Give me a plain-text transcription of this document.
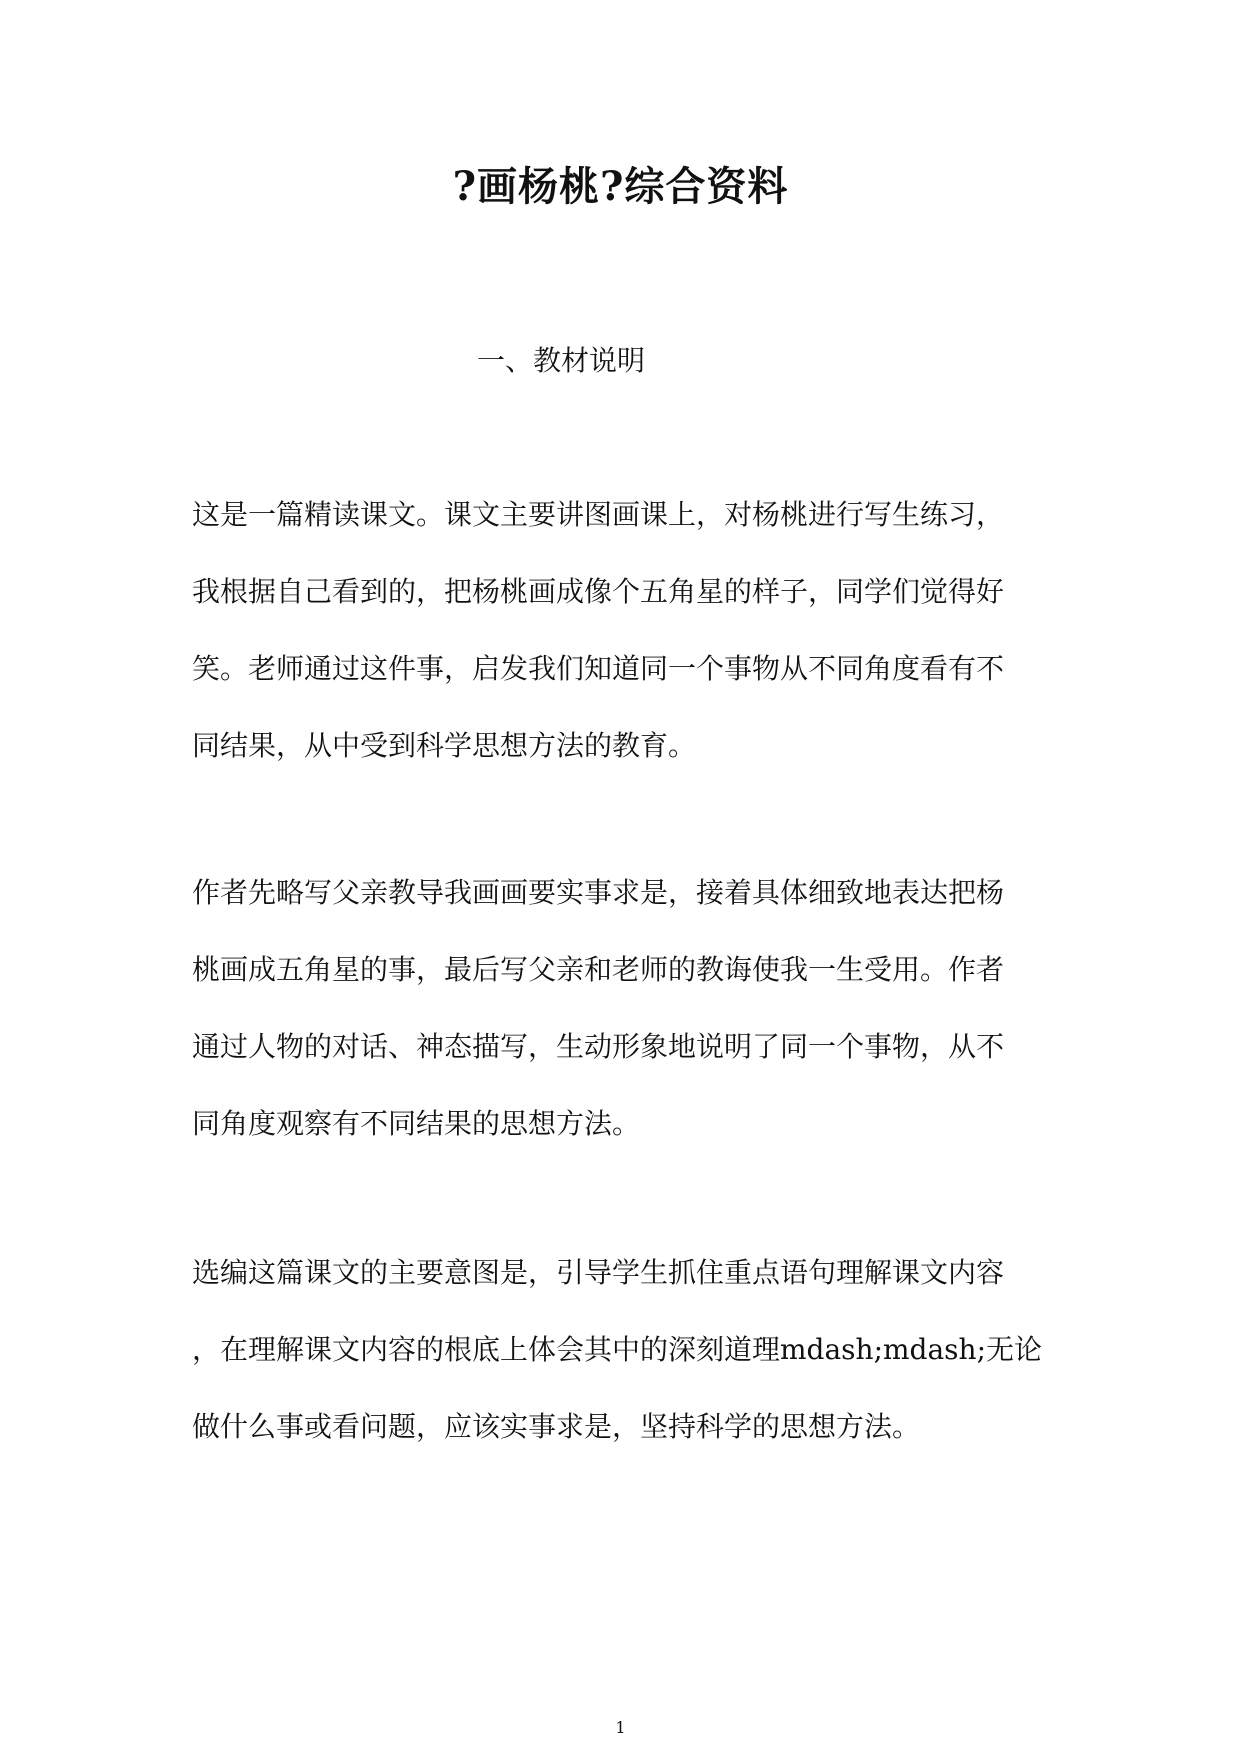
?画杨桃?综合资料
一、教材说明

这是一篇精读课文。课文主要讲图画课上，对杨桃进行写生练习，
我根据自己看到的，把杨桃画成像个五角星的样子，同学们觉得好
笑。老师通过这件事，启发我们知道同一个事物从不同角度看有不
同结果，从中受到科学思想方法的教育。

作者先略写父亲教导我画画要实事求是，接着具体细致地表达把杨
桃画成五角星的事，最后写父亲和老师的教诲使我一生受用。作者
通过人物的对话、神态描写，生动形象地说明了同一个事物，从不
同角度观察有不同结果的思想方法。

选编这篇课文的主要意图是，引导学生抓住重点语句理解课文内容
，在理解课文内容的根底上体会其中的深刻道理mdash;mdash;无论
做什么事或看问题，应该实事求是，坚持科学的思想方法。

1
